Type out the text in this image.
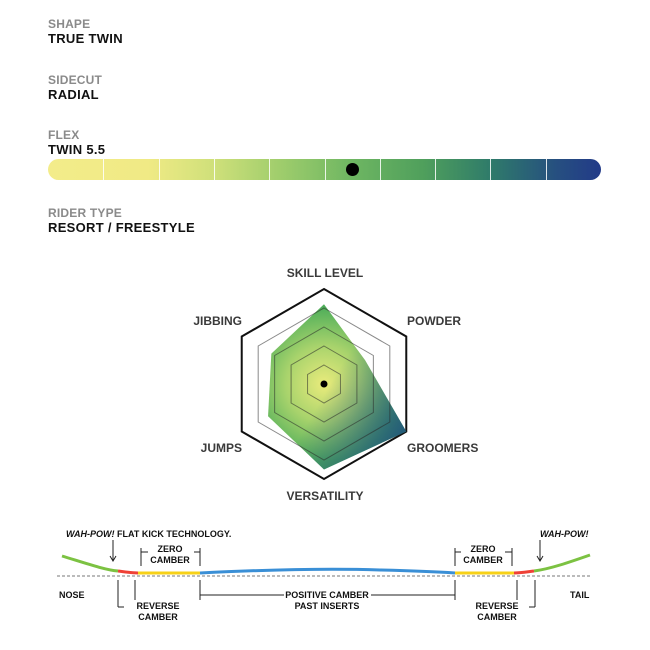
SHAPE
TRUE TWIN
SIDECUT
RADIAL
FLEX
TWIN 5.5
RIDER TYPE
RESORT / FREESTYLE
SKILL LEVEL
POWDER
GROOMERS
VERSATILITY
JUMPS
JIBBING
WAH-POW! FLAT KICK TECHNOLOGY.
ZERO
CAMBER
ZERO
CAMBER
WAH-POW!
NOSE	TAIL
REVERSE
CAMBER
POSITIVE CAMBER
PAST INSERTS	REVERSE
CAMBER
